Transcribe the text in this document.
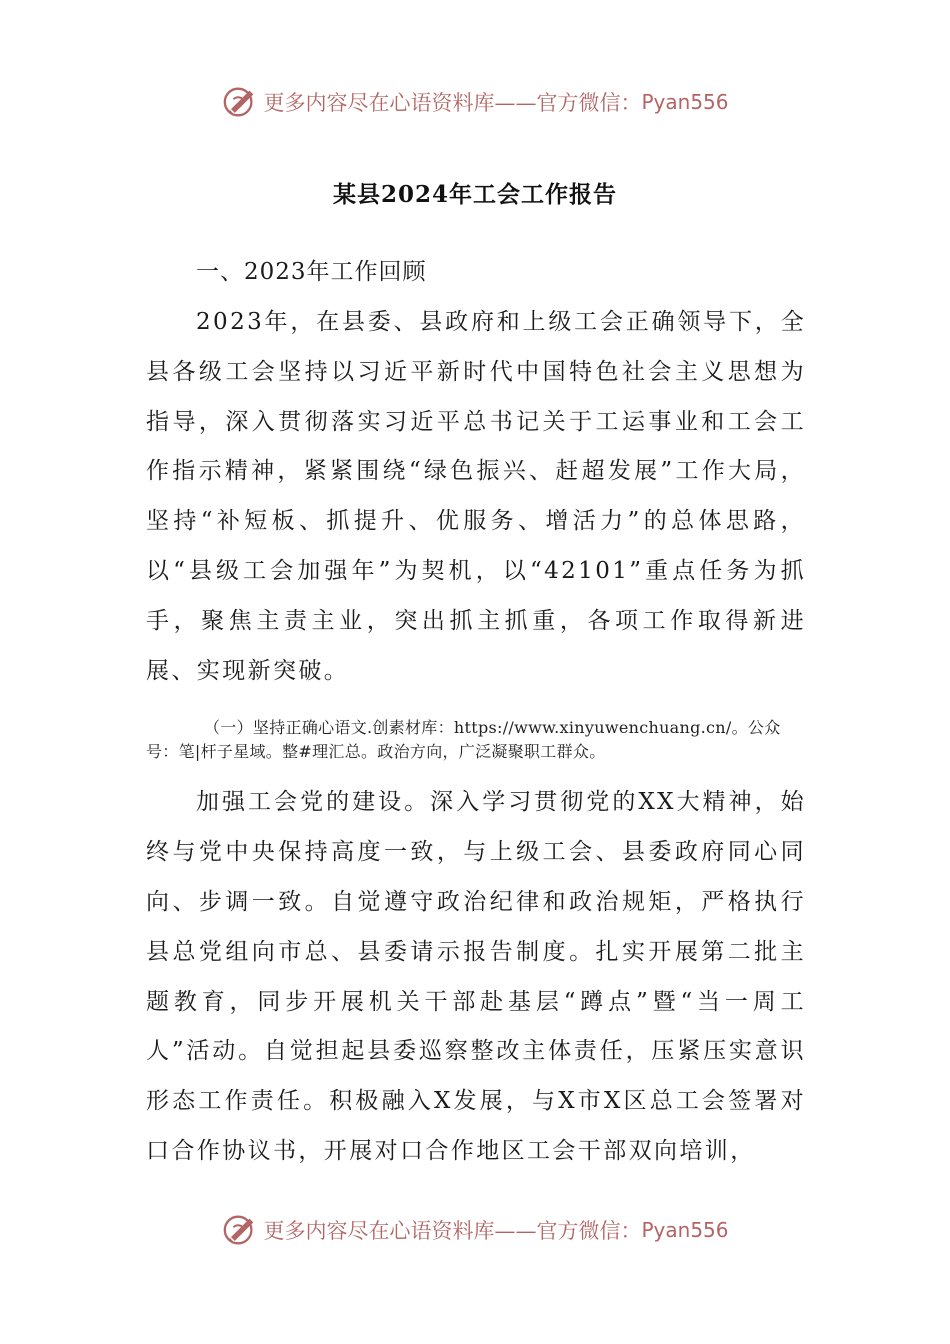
更多内容尽在心语资料库——官方微信： Pyan556
某县2024年工会工作报告

一、2023年工作回顾

2023年，在县委、县政府和上级工会正确领导下，全县各级工会坚持以习近平新时代中国特色社会主义思想为指导，深入贯彻落实习近平总书记关于工运事业和工会工作指示精神，紧紧围绕“绿色振兴、赶超发展”工作大局，坚持“补短板、抓提升、优服务、增活力”的总体思路，以“县级工会加强年”为契机，以“42101”重点任务为抓手，聚焦主责主业，突出抓主抓重，各项工作取得新进展、实现新突破。

（一）坚持正确心语文.创素材库：https://www.xinyuwenchuang.cn/。公众号：笔|杆子星域。整#理汇总。政治方向，广泛凝聚职工群众。

加强工会党的建设。深入学习贯彻党的XX大精神，始终与党中央保持高度一致，与上级工会、县委政府同心同向、步调一致。自觉遵守政治纪律和政治规矩，严格执行县总党组向市总、县委请示报告制度。扎实开展第二批主题教育，同步开展机关干部赴基层“蹲点”暨“当一周工人”活动。自觉担起县委巡察整改主体责任，压紧压实意识形态工作责任。积极融入X发展，与X市X区总工会签署对口合作协议书，开展对口合作地区工会干部双向培训，

更多内容尽在心语资料库——官方微信： Pyan556
